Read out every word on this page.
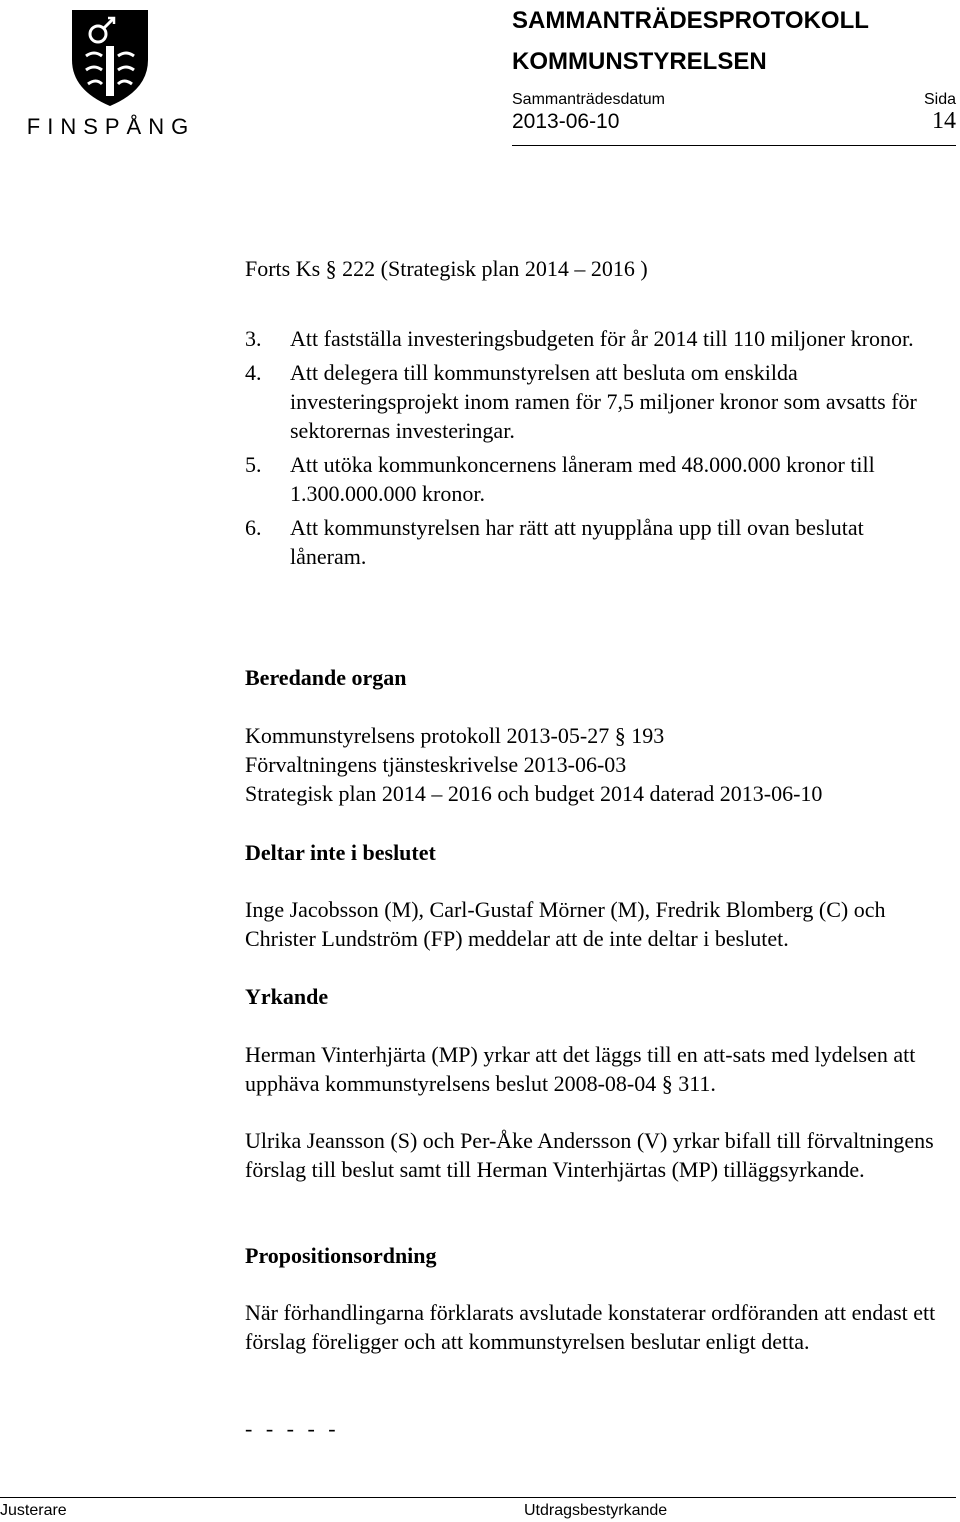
FINSPÅNG
SAMMANTRÄDESPROTOKOLL
KOMMUNSTYRELSEN
Sammanträdesdatum	Sida
2013-06-10	14
Forts Ks § 222 (Strategisk plan 2014 – 2016 )
3.	Att fastställa investeringsbudgeten för år 2014 till 110 miljoner kronor.
4.	Att delegera till kommunstyrelsen att besluta om enskilda investeringsprojekt inom ramen för 7,5 miljoner kronor som avsatts för sektorernas investeringar.
5.	Att utöka kommunkoncernens låneram med 48.000.000 kronor till 1.300.000.000 kronor.
6.	Att kommunstyrelsen har rätt att nyupplåna upp till ovan beslutat låneram.
Beredande organ

Kommunstyrelsens protokoll 2013-05-27 § 193

Förvaltningens tjänsteskrivelse 2013-06-03

Strategisk plan 2014 – 2016 och budget 2014 daterad 2013-06-10

Deltar inte i beslutet

Inge Jacobsson (M), Carl-Gustaf Mörner (M), Fredrik Blomberg (C) och Christer Lundström (FP) meddelar att de inte deltar i beslutet.

Yrkande

Herman Vinterhjärta (MP) yrkar att det läggs till en att-sats med lydelsen att upphäva kommunstyrelsens beslut 2008-08-04 § 311.

Ulrika Jeansson (S) och Per-Åke Andersson (V) yrkar bifall till förvaltningens förslag till beslut samt till Herman Vinterhjärtas (MP) tilläggsyrkande.

Propositionsordning

När förhandlingarna förklarats avslutade konstaterar ordföranden att endast ett förslag föreligger och att kommunstyrelsen beslutar enligt detta.

- - - - -
Justerare	Utdragsbestyrkande
